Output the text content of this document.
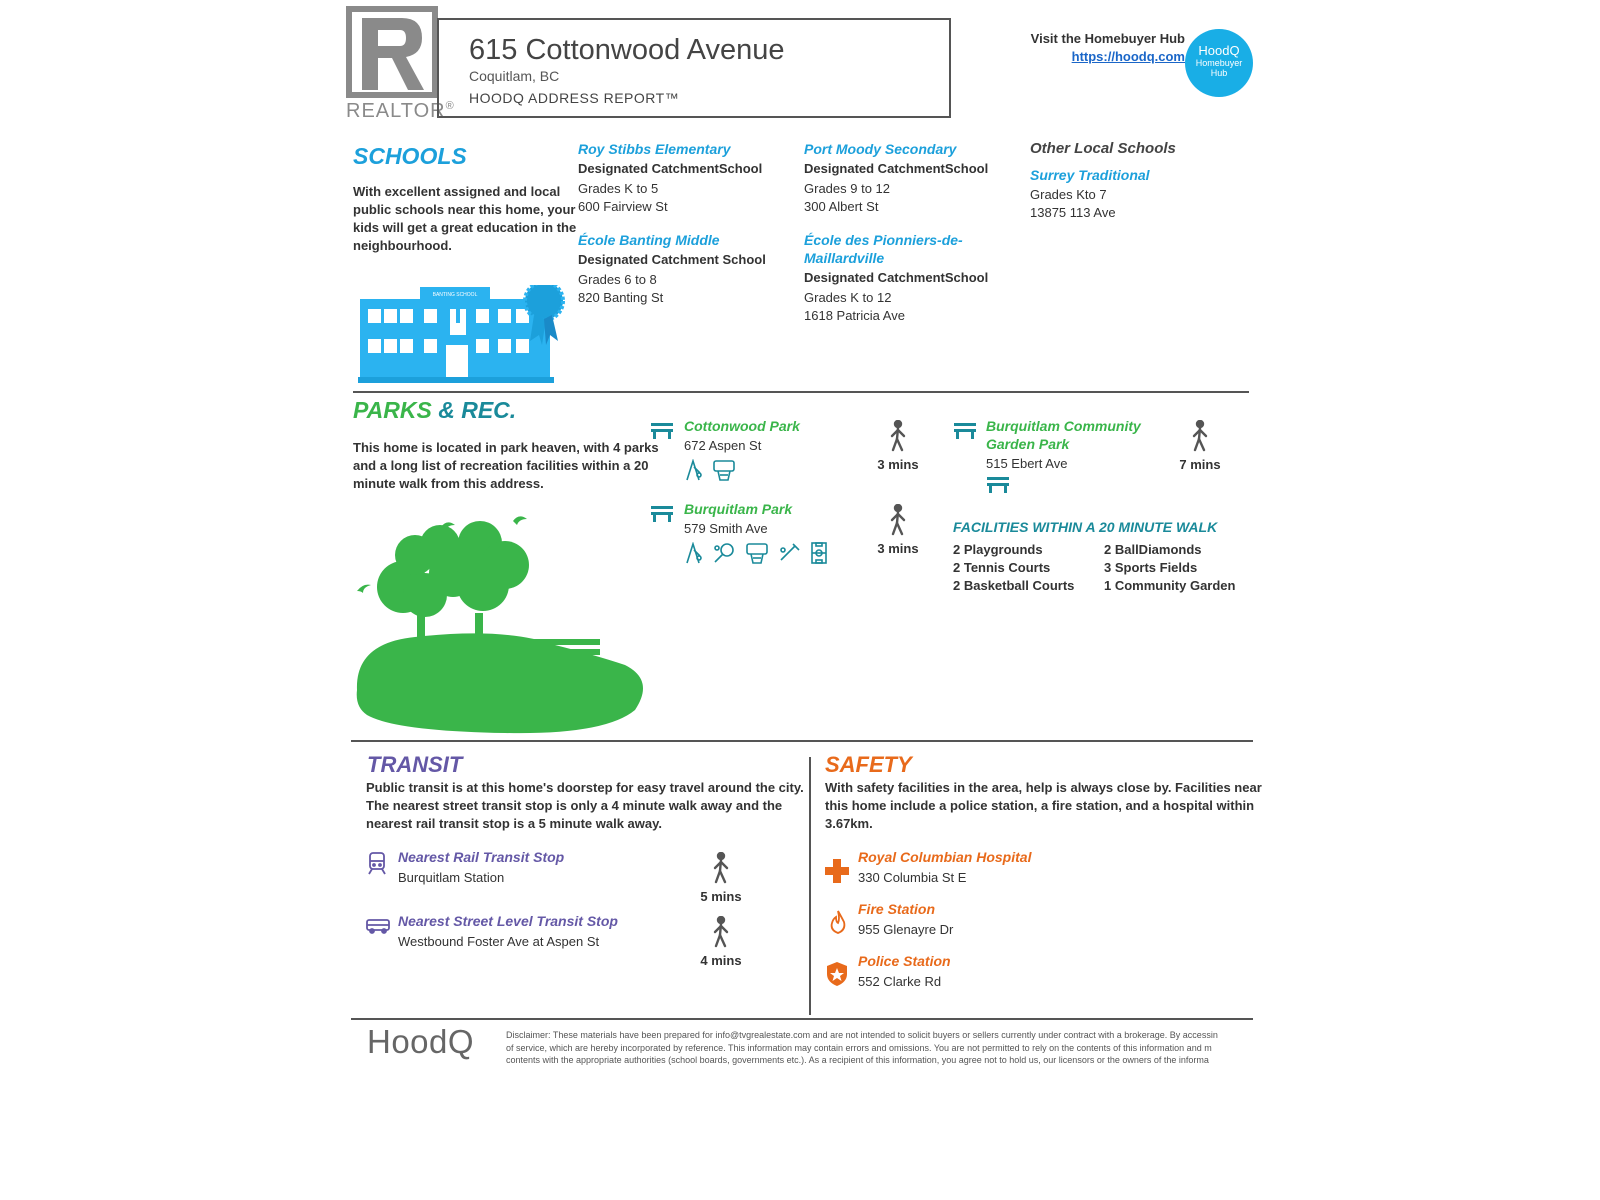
REALTOR®
615 Cottonwood Avenue
Coquitlam, BC
HOODQ ADDRESS REPORT™
Visit the Homebuyer Hub
https://hoodq.com	HoodQ
Homebuyer
Hub
SCHOOLS
With excellent assigned and local public schools near this home, your kids will get a great education in the neighbourhood.
BANTING SCHOOL
Roy Stibbs Elementary
Designated CatchmentSchool
Grades K to 5
600 Fairview St
Port Moody Secondary
Designated CatchmentSchool
Grades 9 to 12
300 Albert St
Other Local Schools
Surrey Traditional
Grades Kto 7
13875 113 Ave
École Banting Middle
Designated Catchment School
Grades 6 to 8
820 Banting St
École des Pionniers-de-Maillardville
Designated CatchmentSchool
Grades K to 12
1618 Patricia Ave
PARKS & REC.
This home is located in park heaven, with 4 parks and a long list of recreation facilities within a 20 minute walk from this address.
Cottonwood Park
672 Aspen St

3 mins
Burquitlam Park
579 Smith Ave

3 mins
Burquitlam Community Garden Park
515 Ebert Ave	7 mins
FACILITIES WITHIN A 20 MINUTE WALK
2 Playgrounds	2 BallDiamonds
2 Tennis Courts	3 Sports Fields
2 Basketball Courts 1 Community Garden
TRANSIT
Public transit is at this home's doorstep for easy travel around the city. The nearest street transit stop is only a 4 minute walk away and the nearest rail transit stop is a 5 minute walk away.
Nearest Rail Transit Stop
Burquitlam Station
5 mins
Nearest Street Level Transit Stop
Westbound Foster Ave at Aspen St
4 mins
SAFETY
With safety facilities in the area, help is always close by. Facilities near this home include a police station, a fire station, and a hospital within 3.67km.
Royal Columbian Hospital
330 Columbia St E
Fire Station
955 Glenayre Dr
Police Station
552 Clarke Rd
HoodQ	Disclaimer: These materials have been prepared for info@tvgrealestate.com and are not intended to solicit buyers or sellers currently under contract with a brokerage. By accessin
of service, which are hereby incorporated by reference. This information may contain errors and omissions. You are not permitted to rely on the contents of this information and m
contents with the appropriate authorities (school boards, governments etc.). As a recipient of this information, you agree not to hold us, our licensors or the owners of the informa
